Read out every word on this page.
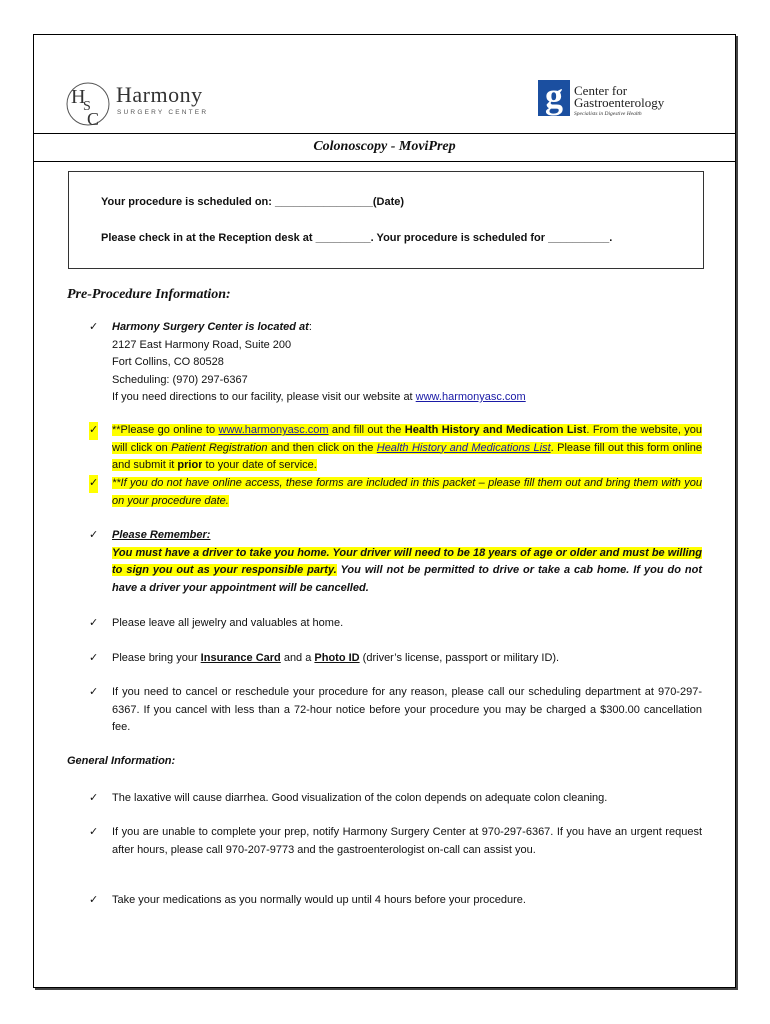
H
S
C
Harmony
SURGERY CENTER	g Center for
Gastroenterology
Specialists in Digestive Health
Colonoscopy - MoviPrep
Your procedure is scheduled on: ________________(Date)
Please check in at the Reception desk at _________. Your procedure is scheduled for __________.
Pre-Procedure Information:
✓ Harmony Surgery Center is located at:
2127 East Harmony Road, Suite 200
Fort Collins, CO 80528
Scheduling: (970) 297-6367
If you need directions to our facility, please visit our website at www.harmonyasc.com
✓ **Please go online to www.harmonyasc.com and fill out the Health History and Medication List. From the website, you will click on Patient Registration and then click on the Health History and Medications List. Please fill out this form online and submit it prior to your date of service.
✓ **If you do not have online access, these forms are included in this packet – please fill them out and bring them with you on your procedure date.
✓ Please Remember:
You must have a driver to take you home. Your driver will need to be 18 years of age or older and must be willing to sign you out as your responsible party. You will not be permitted to drive or take a cab home. If you do not have a driver your appointment will be cancelled.
✓ Please leave all jewelry and valuables at home.
✓ Please bring your Insurance Card and a Photo ID (driver’s license, passport or military ID).
✓ If you need to cancel or reschedule your procedure for any reason, please call our scheduling department at 970-297-6367. If you cancel with less than a 72-hour notice before your procedure you may be charged a $300.00 cancellation fee.
General Information:
✓ The laxative will cause diarrhea. Good visualization of the colon depends on adequate colon cleaning.
✓ If you are unable to complete your prep, notify Harmony Surgery Center at 970-297-6367. If you have an urgent request after hours, please call 970-207-9773 and the gastroenterologist on-call can assist you.
✓ Take your medications as you normally would up until 4 hours before your procedure.
